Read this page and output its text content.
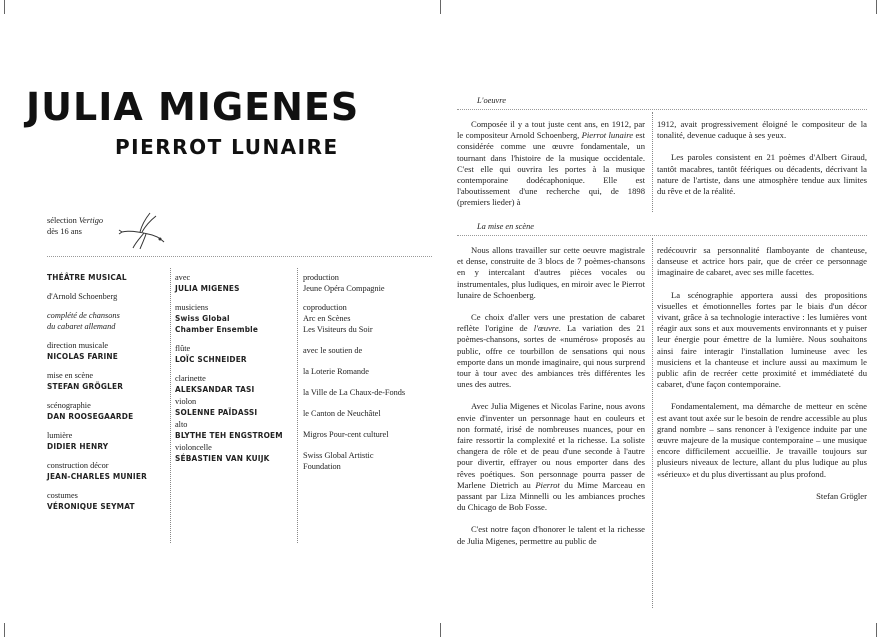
JULIA MIGENES
PIERROT LUNAIRE
sélection Vertigo
dès 16 ans
THÉÂTRE MUSICAL
d'Arnold Schoenberg
complété de chansons
du cabaret allemand
direction musicale
NICOLAS FARINE
mise en scène
STEFAN GRÖGLER
scénographie
DAN ROOSEGAARDE
lumière
DIDIER HENRY
construction décor
JEAN-CHARLES MUNIER
costumes
VÉRONIQUE SEYMAT
avec
JULIA MIGENES
musiciens
Swiss Global
Chamber Ensemble
flûte
LOÏC SCHNEIDER
clarinette
ALEKSANDAR TASI
violon
SOLENNE PAÏDASSI
alto
BLYTHE TEH ENGSTROEM
violoncelle
SÉBASTIEN VAN KUIJK
production
Jeune Opéra Compagnie
coproduction
Arc en Scènes
Les Visiteurs du Soir
avec le soutien de
la Loterie Romande
la Ville de La Chaux-de-Fonds
le Canton de Neuchâtel
Migros Pour-cent culturel
Swiss Global Artistic
Foundation
L'oeuvre

Composée il y a tout juste cent ans, en 1912, par le compositeur Arnold Schoenberg, Pierrot lunaire est considérée comme une œuvre fondamentale, un tournant dans l'histoire de la musique occidentale. C'est elle qui ouvrira les portes à la musique contemporaine dodécaphonique. Elle est l'aboutissement d'une recherche qui, de 1898 (premiers lieder) à

1912, avait progressivement éloigné le compositeur de la tonalité, devenue caduque à ses yeux.

Les paroles consistent en 21 poèmes d'Albert Giraud, tantôt macabres, tantôt féériques ou décadents, décrivant la nature de l'artiste, dans une atmosphère tendue aux limites du rêve et de la réalité.

La mise en scène

Nous allons travailler sur cette oeuvre magistrale et dense, construite de 3 blocs de 7 poèmes-chansons en y intercalant d'autres pièces vocales ou instrumentales, plus ludiques, en miroir avec le Pierrot lunaire de Schoenberg.

Ce choix d'aller vers une prestation de cabaret reflète l'origine de l'œuvre. La variation des 21 poèmes-chansons, sortes de «numéros» proposés au public, offre ce tourbillon de sensations qui nous emporte dans un monde imaginaire, qui nous surprend tour à tour avec des ambiances très différentes les unes des autres.

Avec Julia Migenes et Nicolas Farine, nous avons envie d'inventer un personnage haut en couleurs et non formaté, irisé de nombreuses nuances, pour en faire ressortir la complexité et la richesse. La soliste changera de rôle et de peau d'une seconde à l'autre pour divertir, effrayer ou nous emporter dans des rêves poétiques. Son personnage pourra passer de Marlene Dietrich au Pierrot du Mime Marceau en passant par Liza Minnelli ou les ambiances proches du Chicago de Bob Fosse.

C'est notre façon d'honorer le talent et la richesse de Julia Migenes, permettre au public de

redécouvrir sa personnalité flamboyante de chanteuse, danseuse et actrice hors pair, que de créer ce personnage imaginaire de cabaret, avec ses mille facettes.

La scénographie apportera aussi des propositions visuelles et émotionnelles fortes par le biais d'un décor vivant, grâce à sa technologie interactive : les lumières vont réagir aux sons et aux mouvements environnants et y puiser leur énergie pour émettre de la lumière. Nous souhaitons ainsi faire interagir l'installation lumineuse avec les musiciens et la chanteuse et inclure aussi au maximum le public afin de recréer cette proximité et immédiateté du cabaret, d'une façon contemporaine.

Fondamentalement, ma démarche de metteur en scène est avant tout axée sur le besoin de rendre accessible au plus grand nombre – sans renoncer à l'exigence induite par une œuvre majeure de la musique contemporaine – une musique encore difficilement accueillie. Je travaille toujours sur plusieurs niveaux de lecture, allant du plus ludique au plus «sérieux» et du plus divertissant au plus profond.

Stefan Grögler
